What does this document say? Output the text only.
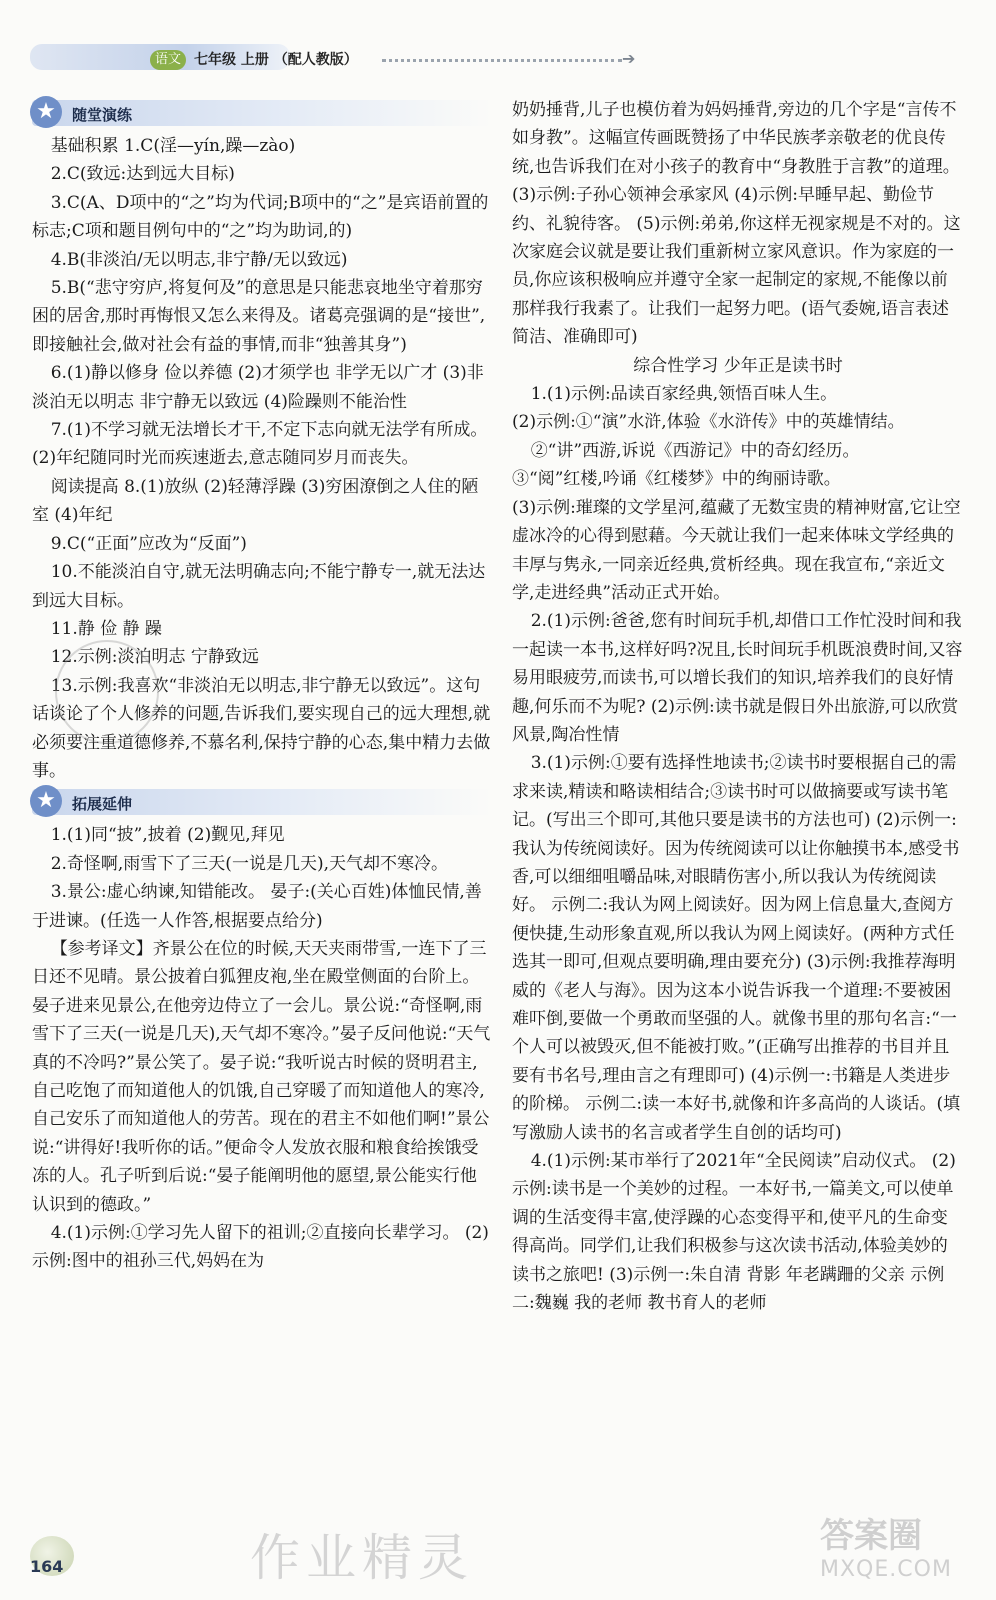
语文 七年级 上册 （配人教版）	➔
★	随堂演练

基础积累 1.C(淫—yín,躁—zào)

2.C(致远:达到远大目标)

3.C(A、D项中的“之”均为代词;B项中的“之”是宾语前置的标志;C项和题目例句中的“之”均为助词,的)

4.B(非淡泊/无以明志,非宁静/无以致远)

5.B(“悲守穷庐,将复何及”的意思是只能悲哀地坐守着那穷困的居舍,那时再悔恨又怎么来得及。诸葛亮强调的是“接世”,即接触社会,做对社会有益的事情,而非“独善其身”)

6.(1)静以修身 俭以养德 (2)才须学也 非学无以广才 (3)非淡泊无以明志 非宁静无以致远 (4)险躁则不能治性

7.(1)不学习就无法增长才干,不定下志向就无法学有所成。 (2)年纪随同时光而疾速逝去,意志随同岁月而丧失。

阅读提高 8.(1)放纵 (2)轻薄浮躁 (3)穷困潦倒之人住的陋室 (4)年纪

9.C(“正面”应改为“反面”)

10.不能淡泊自守,就无法明确志向;不能宁静专一,就无法达到远大目标。

11.静 俭 静 躁

12.示例:淡泊明志 宁静致远

13.示例:我喜欢“非淡泊无以明志,非宁静无以致远”。这句话谈论了个人修养的问题,告诉我们,要实现自己的远大理想,就必须要注重道德修养,不慕名利,保持宁静的心态,集中精力去做事。

★	拓展延伸

1.(1)同“披”,披着 (2)觐见,拜见

2.奇怪啊,雨雪下了三天(一说是几天),天气却不寒冷。

3.景公:虚心纳谏,知错能改。 晏子:(关心百姓)体恤民情,善于进谏。(任选一人作答,根据要点给分)

【参考译文】齐景公在位的时候,天天夹雨带雪,一连下了三日还不见晴。景公披着白狐狸皮袍,坐在殿堂侧面的台阶上。晏子进来见景公,在他旁边侍立了一会儿。景公说:“奇怪啊,雨雪下了三天(一说是几天),天气却不寒冷。”晏子反问他说:“天气真的不冷吗?”景公笑了。晏子说:“我听说古时候的贤明君主,自己吃饱了而知道他人的饥饿,自己穿暖了而知道他人的寒冷,自己安乐了而知道他人的劳苦。现在的君主不如他们啊!”景公说:“讲得好!我听你的话。”便命令人发放衣服和粮食给挨饿受冻的人。孔子听到后说:“晏子能阐明他的愿望,景公能实行他认识到的德政。”

4.(1)示例:①学习先人留下的祖训;②直接向长辈学习。 (2)示例:图中的祖孙三代,妈妈在为

奶奶捶背,儿子也模仿着为妈妈捶背,旁边的几个字是“言传不如身教”。这幅宣传画既赞扬了中华民族孝亲敬老的优良传统,也告诉我们在对小孩子的教育中“身教胜于言教”的道理。 (3)示例:子孙心领神会承家风 (4)示例:早睡早起、勤俭节约、礼貌待客。 (5)示例:弟弟,你这样无视家规是不对的。这次家庭会议就是要让我们重新树立家风意识。作为家庭的一员,你应该积极响应并遵守全家一起制定的家规,不能像以前那样我行我素了。让我们一起努力吧。(语气委婉,语言表述简洁、准确即可)

综合性学习 少年正是读书时

1.(1)示例:品读百家经典,领悟百味人生。

(2)示例:①“演”水浒,体验《水浒传》中的英雄情结。

②“讲”西游,诉说《西游记》中的奇幻经历。

③“阅”红楼,吟诵《红楼梦》中的绚丽诗歌。

(3)示例:璀璨的文学星河,蕴藏了无数宝贵的精神财富,它让空虚冰冷的心得到慰藉。今天就让我们一起来体味文学经典的丰厚与隽永,一同亲近经典,赏析经典。现在我宣布,“亲近文学,走进经典”活动正式开始。

2.(1)示例:爸爸,您有时间玩手机,却借口工作忙没时间和我一起读一本书,这样好吗?况且,长时间玩手机既浪费时间,又容易用眼疲劳,而读书,可以增长我们的知识,培养我们的良好情趣,何乐而不为呢? (2)示例:读书就是假日外出旅游,可以欣赏风景,陶冶性情

3.(1)示例:①要有选择性地读书;②读书时要根据自己的需求来读,精读和略读相结合;③读书时可以做摘要或写读书笔记。(写出三个即可,其他只要是读书的方法也可) (2)示例一:我认为传统阅读好。因为传统阅读可以让你触摸书本,感受书香,可以细细咀嚼品味,对眼睛伤害小,所以我认为传统阅读好。 示例二:我认为网上阅读好。因为网上信息量大,查阅方便快捷,生动形象直观,所以我认为网上阅读好。(两种方式任选其一即可,但观点要明确,理由要充分) (3)示例:我推荐海明威的《老人与海》。因为这本小说告诉我一个道理:不要被困难吓倒,要做一个勇敢而坚强的人。就像书里的那句名言:“一个人可以被毁灭,但不能被打败。”(正确写出推荐的书目并且要有书名号,理由言之有理即可) (4)示例一:书籍是人类进步的阶梯。 示例二:读一本好书,就像和许多高尚的人谈话。(填写激励人读书的名言或者学生自创的话均可)

4.(1)示例:某市举行了2021年“全民阅读”启动仪式。 (2)示例:读书是一个美妙的过程。一本好书,一篇美文,可以使单调的生活变得丰富,使浮躁的心态变得平和,使平凡的生命变得高尚。同学们,让我们积极参与这次读书活动,体验美妙的读书之旅吧! (3)示例一:朱自清 背影 年老蹒跚的父亲 示例二:魏巍 我的老师 教书育人的老师

164	作业精灵	答案圈
MXQE.COM
